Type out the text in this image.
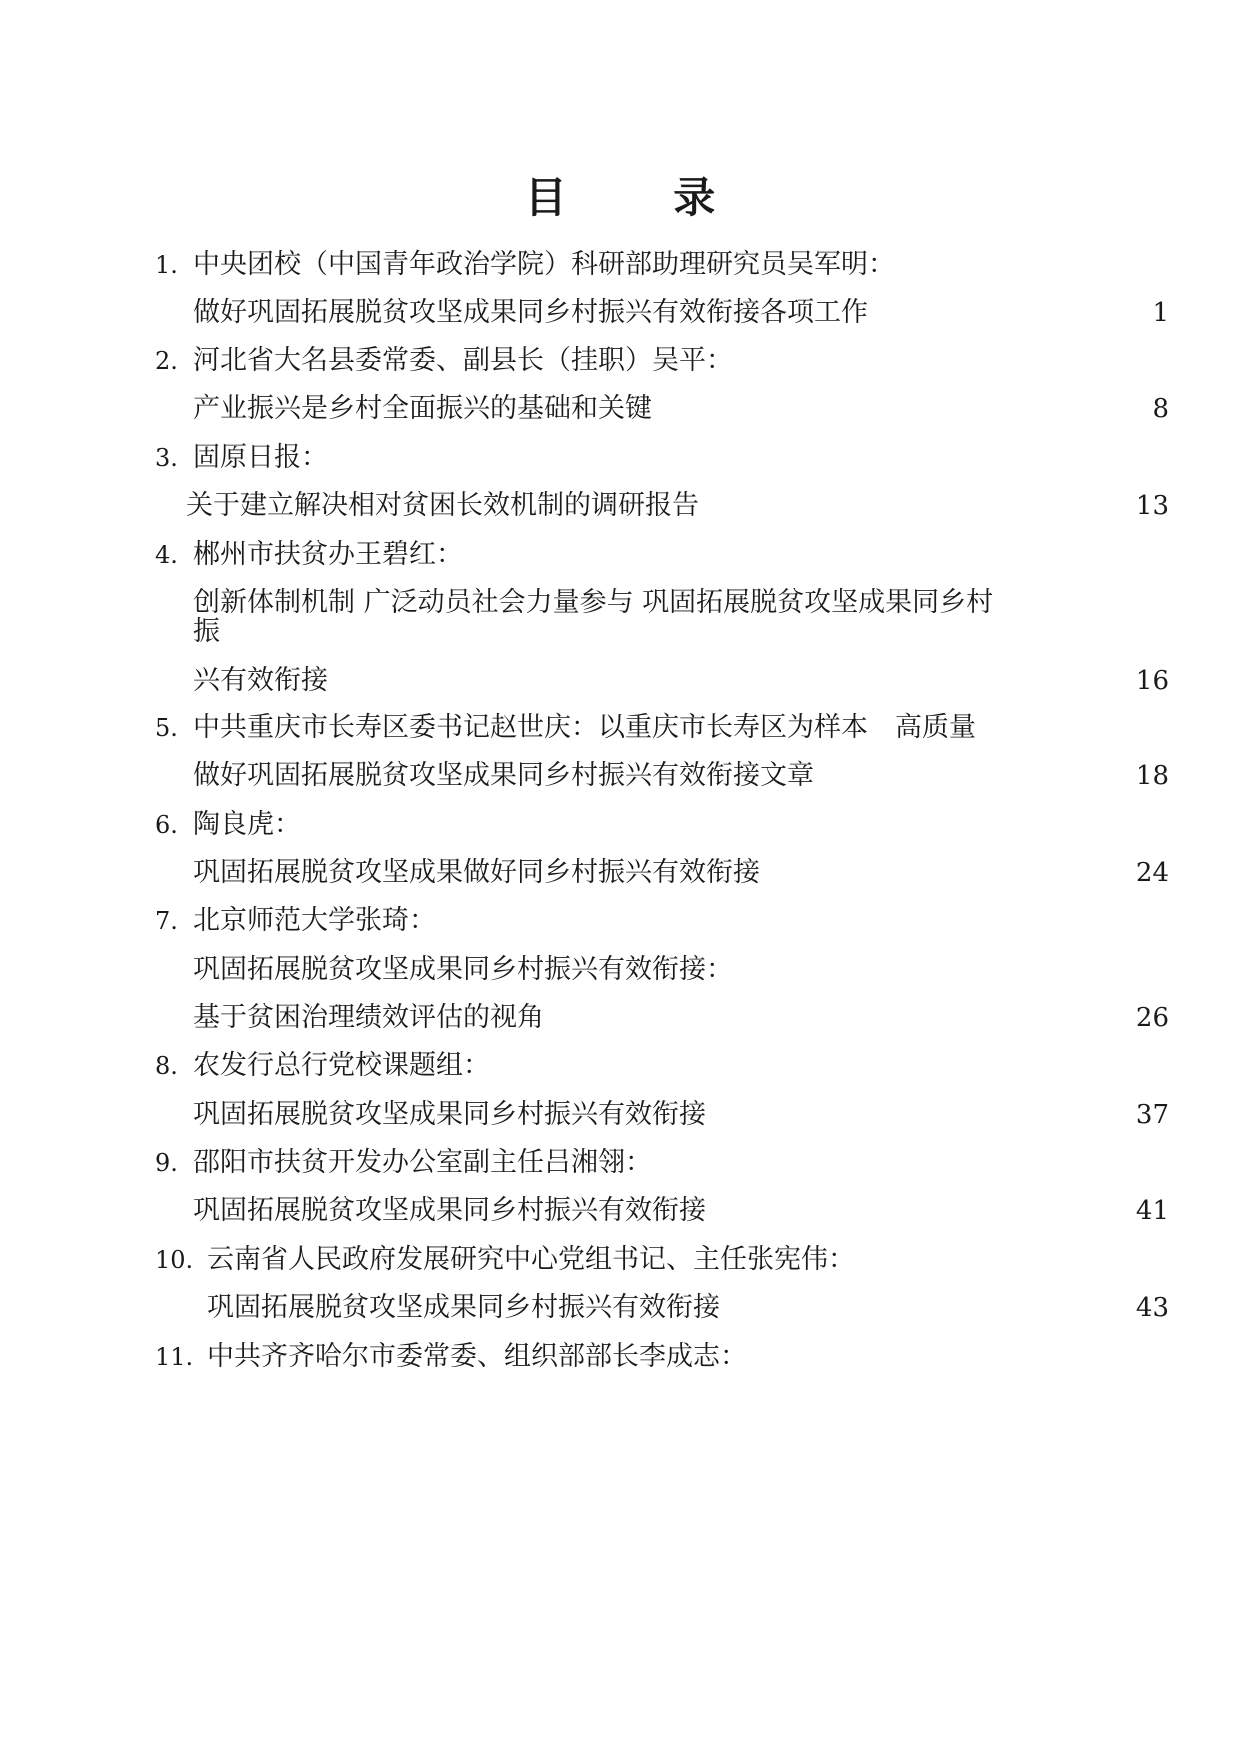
目 录
1. 中央团校（中国青年政治学院）科研部助理研究员吴军明：
做好巩固拓展脱贫攻坚成果同乡村振兴有效衔接各项工作	1
2. 河北省大名县委常委、副县长（挂职）吴平：
产业振兴是乡村全面振兴的基础和关键	8
3. 固原日报：
关于建立解决相对贫困长效机制的调研报告	13
4. 郴州市扶贫办王碧红：
创新体制机制 广泛动员社会力量参与 巩固拓展脱贫攻坚成果同乡村
振
兴有效衔接	16
5. 中共重庆市长寿区委书记赵世庆：以重庆市长寿区为样本　高质量
做好巩固拓展脱贫攻坚成果同乡村振兴有效衔接文章	18
6. 陶良虎：
巩固拓展脱贫攻坚成果做好同乡村振兴有效衔接	24
7. 北京师范大学张琦：
巩固拓展脱贫攻坚成果同乡村振兴有效衔接：
基于贫困治理绩效评估的视角	26
8. 农发行总行党校课题组：
巩固拓展脱贫攻坚成果同乡村振兴有效衔接	37
9. 邵阳市扶贫开发办公室副主任吕湘翎：
巩固拓展脱贫攻坚成果同乡村振兴有效衔接	41
10. 云南省人民政府发展研究中心党组书记、主任张宪伟：
巩固拓展脱贫攻坚成果同乡村振兴有效衔接	43
11. 中共齐齐哈尔市委常委、组织部部长李成志：
